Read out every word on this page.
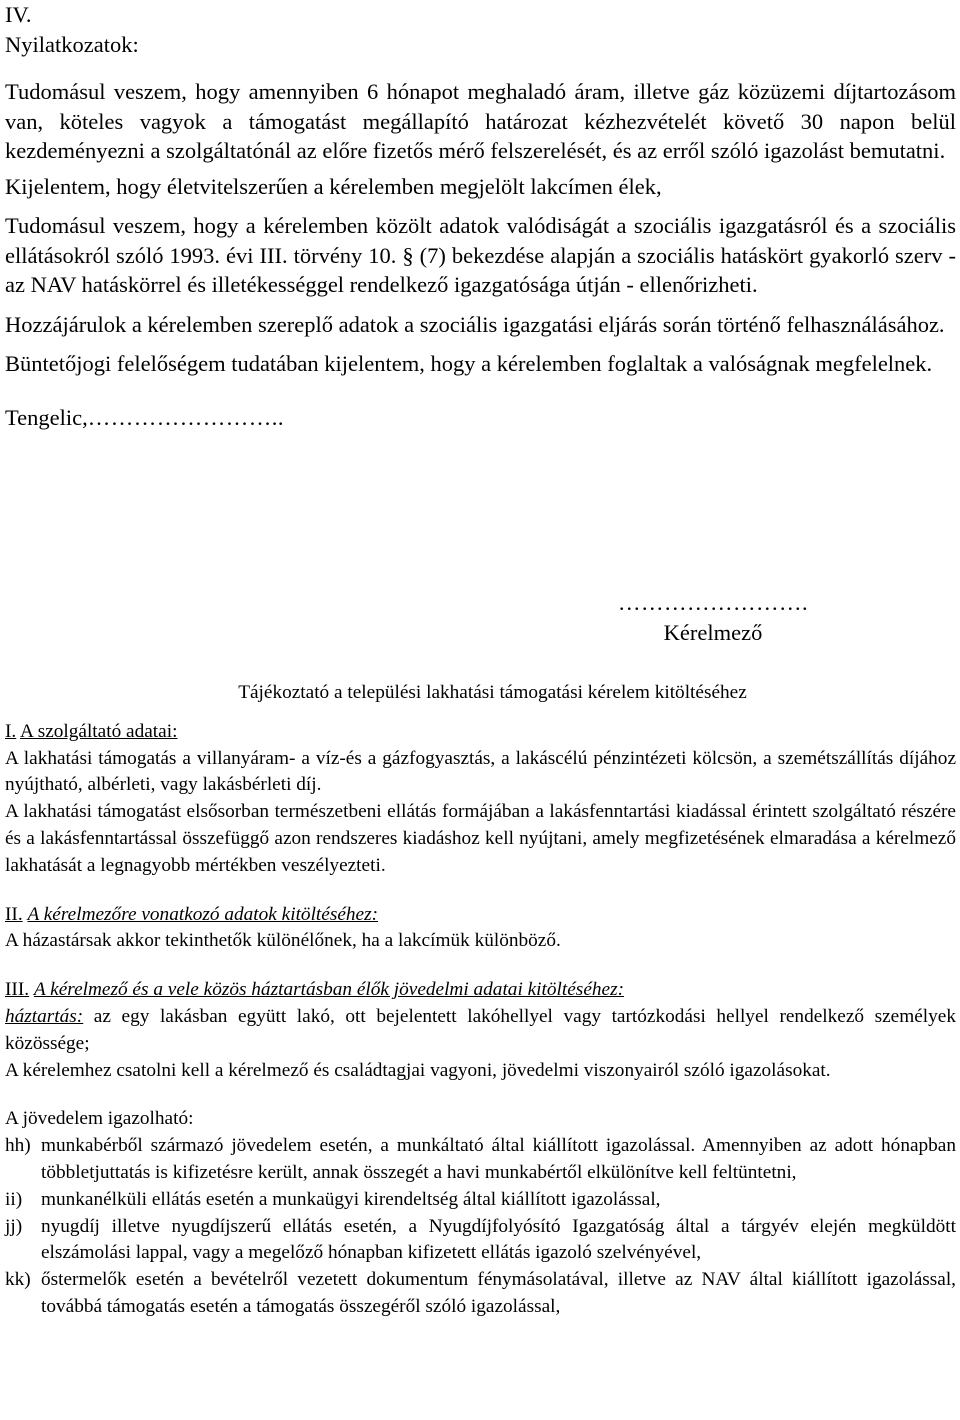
IV.
Nyilatkozatok:

Tudomásul veszem, hogy amennyiben 6 hónapot meghaladó áram, illetve gáz közüzemi díjtartozásom van, köteles vagyok a támogatást megállapító határozat kézhezvételét követő 30 napon belül kezdeményezni a szolgáltatónál az előre fizetős mérő felszerelését, és az erről szóló igazolást bemutatni.

Kijelentem, hogy életvitelszerűen a kérelemben megjelölt lakcímen élek,

Tudomásul veszem, hogy a kérelemben közölt adatok valódiságát a szociális igazgatásról és a szociális ellátásokról szóló 1993. évi III. törvény 10. § (7) bekezdése alapján a szociális hatáskört gyakorló szerv - az NAV hatáskörrel és illetékességgel rendelkező igazgatósága útján - ellenőrizheti.

Hozzájárulok a kérelemben szereplő adatok a szociális igazgatási eljárás során történő felhasználásához.

Büntetőjogi felelőségem tudatában kijelentem, hogy a kérelemben foglaltak a valóságnak megfelelnek.

Tengelic,……………………..
…………………….
Kérelmező
Tájékoztató a települési lakhatási támogatási kérelem kitöltéséhez
I. A szolgáltató adatai:

A lakhatási támogatás a villanyáram- a víz-és a gázfogyasztás, a lakáscélú pénzintézeti kölcsön, a szemétszállítás díjához nyújtható, albérleti, vagy lakásbérleti díj.

A lakhatási támogatást elsősorban természetbeni ellátás formájában a lakásfenntartási kiadással érintett szolgáltató részére és a lakásfenntartással összefüggő azon rendszeres kiadáshoz kell nyújtani, amely megfizetésének elmaradása a kérelmező lakhatását a legnagyobb mértékben veszélyezteti.

II. A kérelmezőre vonatkozó adatok kitöltéséhez:

A házastársak akkor tekinthetők különélőnek, ha a lakcímük különböző.

III. A kérelmező és a vele közös háztartásban élők jövedelmi adatai kitöltéséhez:

háztartás: az egy lakásban együtt lakó, ott bejelentett lakóhellyel vagy tartózkodási hellyel rendelkező személyek közössége;

A kérelemhez csatolni kell a kérelmező és családtagjai vagyoni, jövedelmi viszonyairól szóló igazolásokat.

A jövedelem igazolható:
hh) munkabérből származó jövedelem esetén, a munkáltató által kiállított igazolással. Amennyiben az adott hónapban többletjuttatás is kifizetésre került, annak összegét a havi munkabértől elkülönítve kell feltüntetni,
ii) munkanélküli ellátás esetén a munkaügyi kirendeltség által kiállított igazolással,
jj) nyugdíj illetve nyugdíjszerű ellátás esetén, a Nyugdíjfolyósító Igazgatóság által a tárgyév elején megküldött elszámolási lappal, vagy a megelőző hónapban kifizetett ellátás igazoló szelvényével,
kk) őstermelők esetén a bevételről vezetett dokumentum fénymásolatával, illetve az NAV által kiállított igazolással, továbbá támogatás esetén a támogatás összegéről szóló igazolással,
